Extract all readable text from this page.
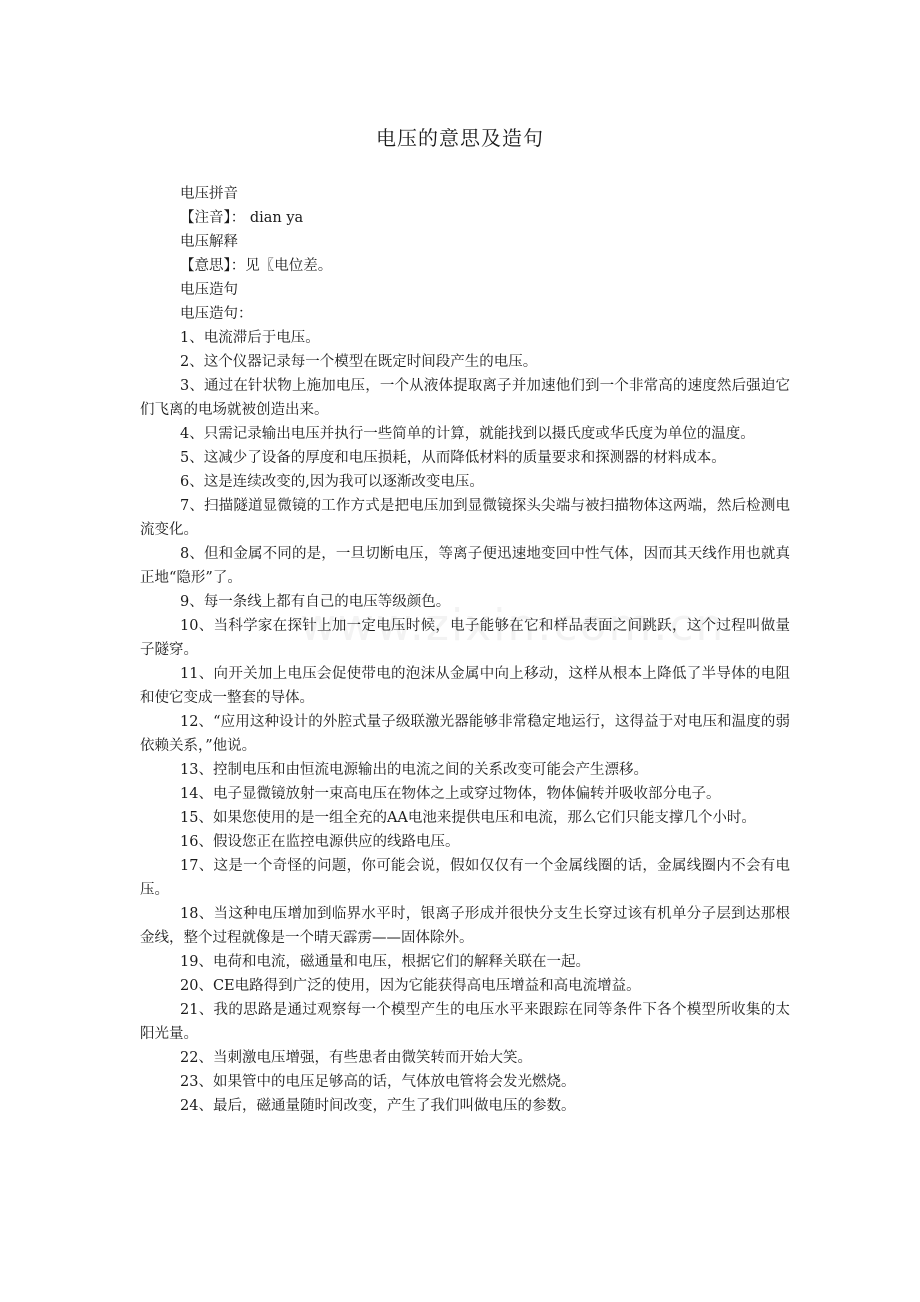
电压的意思及造句

电压拼音

【注音】： dian ya

电压解释

【意思】：见〖电位差。

电压造句

电压造句：

1、电流滞后于电压。

2、这个仪器记录每一个模型在既定时间段产生的电压。

3、通过在针状物上施加电压，一个从液体提取离子并加速他们到一个非常高的速度然后强迫它们飞离的电场就被创造出来。

4、只需记录输出电压并执行一些简单的计算，就能找到以摄氏度或华氏度为单位的温度。

5、这减少了设备的厚度和电压损耗，从而降低材料的质量要求和探测器的材料成本。

6、这是连续改变的,因为我可以逐渐改变电压。

7、扫描隧道显微镜的工作方式是把电压加到显微镜探头尖端与被扫描物体这两端，然后检测电流变化。

8、但和金属不同的是，一旦切断电压，等离子便迅速地变回中性气体，因而其天线作用也就真正地“隐形”了。

9、每一条线上都有自己的电压等级颜色。

10、当科学家在探针上加一定电压时候，电子能够在它和样品表面之间跳跃，这个过程叫做量子隧穿。

11、向开关加上电压会促使带电的泡沫从金属中向上移动，这样从根本上降低了半导体的电阻和使它变成一整套的导体。

12、“应用这种设计的外腔式量子级联激光器能够非常稳定地运行，这得益于对电压和温度的弱依赖关系，”他说。

13、控制电压和由恒流电源输出的电流之间的关系改变可能会产生漂移。

14、电子显微镜放射一束高电压在物体之上或穿过物体，物体偏转并吸收部分电子。

15、如果您使用的是一组全充的AA电池来提供电压和电流，那么它们只能支撑几个小时。

16、假设您正在监控电源供应的线路电压。

17、这是一个奇怪的问题，你可能会说，假如仅仅有一个金属线圈的话，金属线圈内不会有电压。

18、当这种电压增加到临界水平时，银离子形成并很快分支生长穿过该有机单分子层到达那根金线，整个过程就像是一个晴天霹雳——固体除外。

19、电荷和电流，磁通量和电压，根据它们的解释关联在一起。

20、CE电路得到广泛的使用，因为它能获得高电压增益和高电流增益。

21、我的思路是通过观察每一个模型产生的电压水平来跟踪在同等条件下各个模型所收集的太阳光量。

22、当刺激电压增强，有些患者由微笑转而开始大笑。

23、如果管中的电压足够高的话，气体放电管将会发光燃烧。

24、最后，磁通量随时间改变，产生了我们叫做电压的参数。
